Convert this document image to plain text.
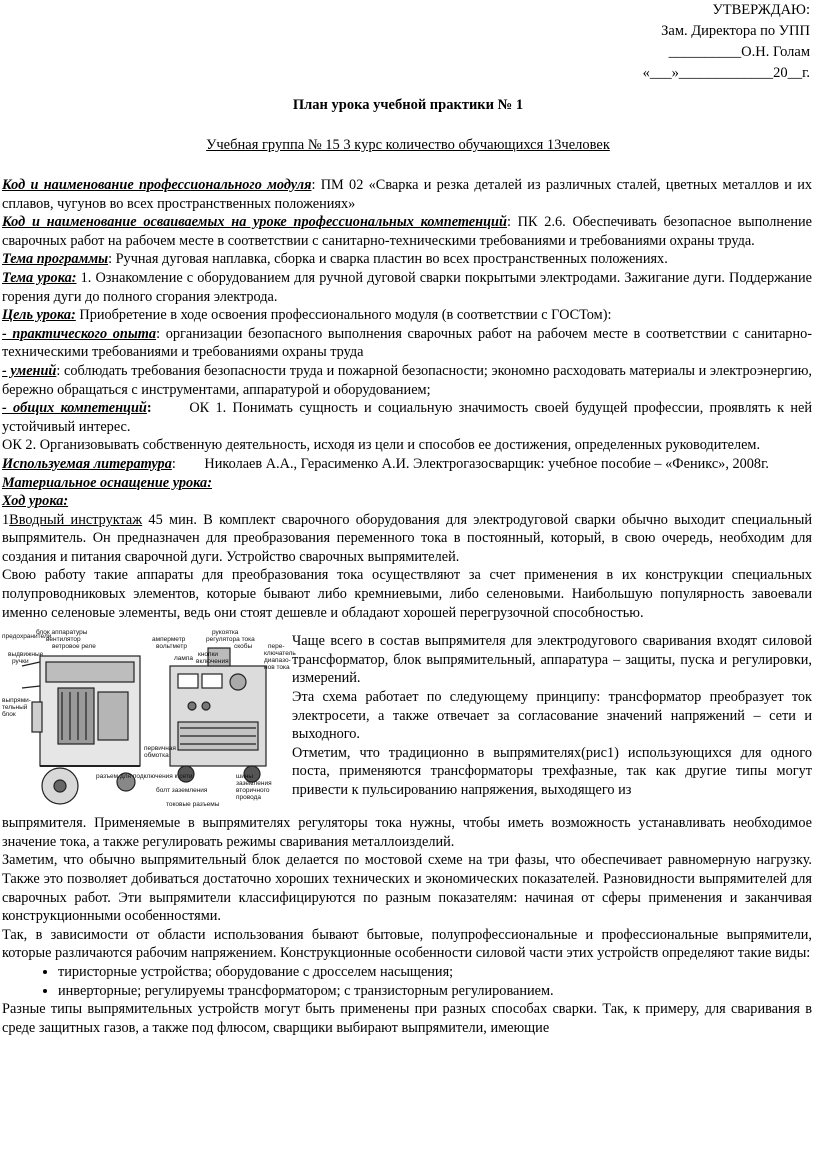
УТВЕРЖДАЮ:
Зам. Директора по УПП
__________О.Н. Голам
«___»_____________20__г.
План урока учебной практики № 1
Учебная группа № 15 3 курс количество обучающихся 13человек

Код и наименование профессионального модуля: ПМ 02 «Сварка и резка деталей из различных сталей, цветных металлов и их сплавов, чугунов во всех пространственных положениях»

Код и наименование осваиваемых на уроке профессиональных компетенций: ПК 2.6. Обеспечивать безопасное выполнение сварочных работ на рабочем месте в соответствии с санитарно-техническими требованиями и требованиями охраны труда.

Тема программы: Ручная дуговая наплавка, сборка и сварка пластин во всех пространственных положениях.

Тема урока: 1. Ознакомление с оборудованием для ручной дуговой сварки покрытыми электродами. Зажигание дуги. Поддержание горения дуги до полного сгорания электрода.

Цель урока: Приобретение в ходе освоения профессионального модуля (в соответствии с ГОСТом):

- практического опыта: организации безопасного выполнения сварочных работ на рабочем месте в соответствии с санитарно-техническими требованиями и требованиями охраны труда

- умений: соблюдать требования безопасности труда и пожарной безопасности; экономно расходовать материалы и электроэнергию, бережно обращаться с инструментами, аппаратурой и оборудованием;

- общих компетенций:      ОК 1. Понимать сущность и социальную значимость своей будущей профессии, проявлять к ней устойчивый интерес.

ОК 2. Организовывать собственную деятельность, исходя из цели и способов ее достижения, определенных руководителем.

Используемая литература:        Николаев А.А., Герасименко А.И. Электрогазосварщик: учебное пособие – «Феникс», 2008г.

Материальное оснащение урока:

Ход урока:

1Вводный инструктаж 45 мин. В комплект сварочного оборудования для электродуговой сварки обычно выходит специальный выпрямитель. Он предназначен для преобразования переменного тока в постоянный, который, в свою очередь, необходим для создания и питания сварочной дуги. Устройство сварочных выпрямителей.

Свою работу такие аппараты для преобразования тока осуществляют за счет применения в их конструкции специальных полупроводниковых элементов, которые бывают либо кремниевыми, либо селеновыми. Наибольшую популярность завоевали именно селеновые элементы, ведь они стоят дешевле и обладают хорошей перегрузочной способностью.

блок аппаратуры
вентилятор
ветровое реле
предохранители
выдвижные
ручки
выпрями-
тельный
блок
первичная
обмотка
разъем для подключения к сети
рукоятка
регулятора тока
вольтметр
амперметр
скобы
лампа
кнопки
включения
пере-
ключатель
диапазо-
нов тока
шины
заземления
болт заземления	вторичного
провода
токовые разъемы

Чаще всего в состав выпрямителя для электродугового сваривания входят силовой трансформатор, блок выпрямительный, аппаратура – защиты, пуска и регулировки, измерений.

Эта схема работает по следующему принципу: трансформатор преобразует ток электросети, а также отвечает за согласование значений напряжений – сети и выходного.

Отметим, что традиционно в выпрямителях(рис1) использующихся для одного поста, применяются трансформаторы трехфазные, так как другие типы могут привести к пульсированию напряжения, выходящего из

выпрямителя. Применяемые в выпрямителях регуляторы тока нужны, чтобы иметь возможность устанавливать необходимое значение тока, а также регулировать режимы сваривания металлоизделий.

Заметим, что обычно выпрямительный блок делается по мостовой схеме на три фазы, что обеспечивает равномерную нагрузку. Также это позволяет добиваться достаточно хороших технических и экономических показателей. Разновидности выпрямителей для сварочных работ. Эти выпрямители классифицируются по разным показателям: начиная от сферы применения и заканчивая конструкционными особенностями.

Так, в зависимости от области использования бывают бытовые, полупрофессиональные и профессиональные выпрямители, которые различаются рабочим напряжением. Конструкционные особенности силовой части этих устройств определяют такие виды:

• тиристорные устройства; оборудование с дросселем насыщения;
• инверторные; регулируемы трансформатором; с транзисторным регулированием.

Разные типы выпрямительных устройств могут быть применены при разных способах сварки. Так, к примеру, для сваривания в среде защитных газов, а также под флюсом, сварщики выбирают выпрямители, имеющие
